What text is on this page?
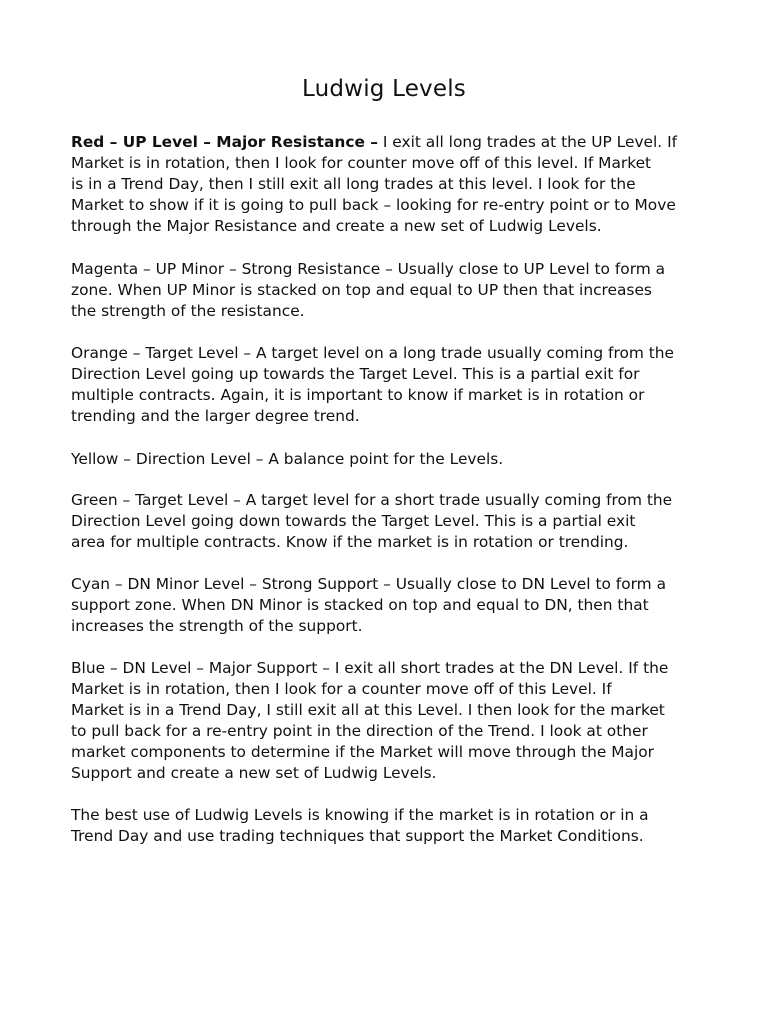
Ludwig Levels

Red – UP Level – Major Resistance – I exit all long trades at the UP Level. If
Market is in rotation, then I look for counter move off of this level. If Market
is in a Trend Day, then I still exit all long trades at this level. I look for the
Market to show if it is going to pull back – looking for re-entry point or to Move
through the Major Resistance and create a new set of Ludwig Levels.

Magenta – UP Minor – Strong Resistance – Usually close to UP Level to form a
zone. When UP Minor is stacked on top and equal to UP then that increases
the strength of the resistance.

Orange – Target Level – A target level on a long trade usually coming from the
Direction Level going up towards the Target Level. This is a partial exit for
multiple contracts. Again, it is important to know if market is in rotation or
trending and the larger degree trend.

Yellow – Direction Level – A balance point for the Levels.

Green – Target Level – A target level for a short trade usually coming from the
Direction Level going down towards the Target Level. This is a partial exit
area for multiple contracts. Know if the market is in rotation or trending.

Cyan – DN Minor Level – Strong Support – Usually close to DN Level to form a
support zone. When DN Minor is stacked on top and equal to DN, then that
increases the strength of the support.

Blue – DN Level – Major Support – I exit all short trades at the DN Level. If the
Market is in rotation, then I look for a counter move off of this Level. If
Market is in a Trend Day, I still exit all at this Level. I then look for the market
to pull back for a re-entry point in the direction of the Trend. I look at other
market components to determine if the Market will move through the Major
Support and create a new set of Ludwig Levels.

The best use of Ludwig Levels is knowing if the market is in rotation or in a
Trend Day and use trading techniques that support the Market Conditions.
